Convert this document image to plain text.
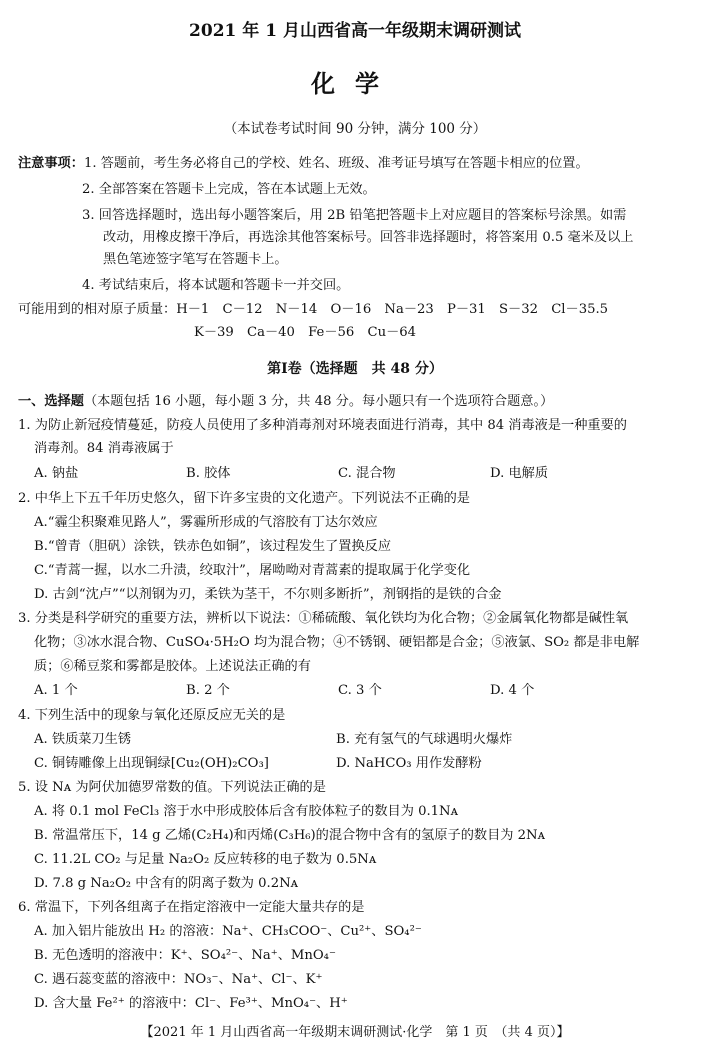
2021 年 1 月山西省高一年级期末调研测试
化学
（本试卷考试时间 90 分钟，满分 100 分）
注意事项：1. 答题前，考生务必将自己的学校、姓名、班级、准考证号填写在答题卡相应的位置。
2. 全部答案在答题卡上完成，答在本试题上无效。
3. 回答选择题时，选出每小题答案后，用 2B 铅笔把答题卡上对应题目的答案标号涂黑。如需
改动，用橡皮擦干净后，再选涂其他答案标号。回答非选择题时，将答案用 0.5 毫米及以上
黑色笔迹签字笔写在答题卡上。
4. 考试结束后，将本试题和答题卡一并交回。
可能用到的相对原子质量：H－1　C－12　N－14　O－16　Na－23　P－31　S－32　Cl－35.5
K－39　Ca－40　Fe－56　Cu－64
第Ⅰ卷（选择题　共 48 分）
一、选择题（本题包括 16 小题，每小题 3 分，共 48 分。每小题只有一个选项符合题意。）
1. 为防止新冠疫情蔓延，防疫人员使用了多种消毒剂对环境表面进行消毒，其中 84 消毒液是一种重要的
消毒剂。84 消毒液属于
A. 钠盐	B. 胶体	C. 混合物	D. 电解质
2. 中华上下五千年历史悠久，留下许多宝贵的文化遗产。下列说法不正确的是
A.“霾尘积聚难见路人”，雾霾所形成的气溶胶有丁达尔效应
B.“曾青（胆矾）涂铁，铁赤色如铜”，该过程发生了置换反应
C.“青蒿一握，以水二升渍，绞取汁”，屠呦呦对青蒿素的提取属于化学变化
D. 古剑“沈卢”“以剂钢为刃，柔铁为茎干，不尔则多断折”，剂钢指的是铁的合金
3. 分类是科学研究的重要方法，辨析以下说法：①稀硫酸、氧化铁均为化合物；②金属氧化物都是碱性氧
化物；③冰水混合物、CuSO₄·5H₂O 均为混合物；④不锈钢、硬铝都是合金；⑤液氯、SO₂ 都是非电解
质；⑥稀豆浆和雾都是胶体。上述说法正确的有
A. 1 个	B. 2 个	C. 3 个	D. 4 个
4. 下列生活中的现象与氧化还原反应无关的是
A. 铁质菜刀生锈	B. 充有氢气的气球遇明火爆炸
C. 铜铸雕像上出现铜绿[Cu₂(OH)₂CO₃]	D. NaHCO₃ 用作发酵粉
5. 设 Nᴀ 为阿伏加德罗常数的值。下列说法正确的是
A. 将 0.1 mol FeCl₃ 溶于水中形成胶体后含有胶体粒子的数目为 0.1Nᴀ
B. 常温常压下，14 g 乙烯(C₂H₄)和丙烯(C₃H₆)的混合物中含有的氢原子的数目为 2Nᴀ
C. 11.2L CO₂ 与足量 Na₂O₂ 反应转移的电子数为 0.5Nᴀ
D. 7.8 g Na₂O₂ 中含有的阴离子数为 0.2Nᴀ
6. 常温下，下列各组离子在指定溶液中一定能大量共存的是
A. 加入铝片能放出 H₂ 的溶液：Na⁺、CH₃COO⁻、Cu²⁺、SO₄²⁻
B. 无色透明的溶液中：K⁺、SO₄²⁻、Na⁺、MnO₄⁻
C. 遇石蕊变蓝的溶液中：NO₃⁻、Na⁺、Cl⁻、K⁺
D. 含大量 Fe²⁺ 的溶液中：Cl⁻、Fe³⁺、MnO₄⁻、H⁺
【2021 年 1 月山西省高一年级期末调研测试·化学　第 1 页　（共 4 页）】
